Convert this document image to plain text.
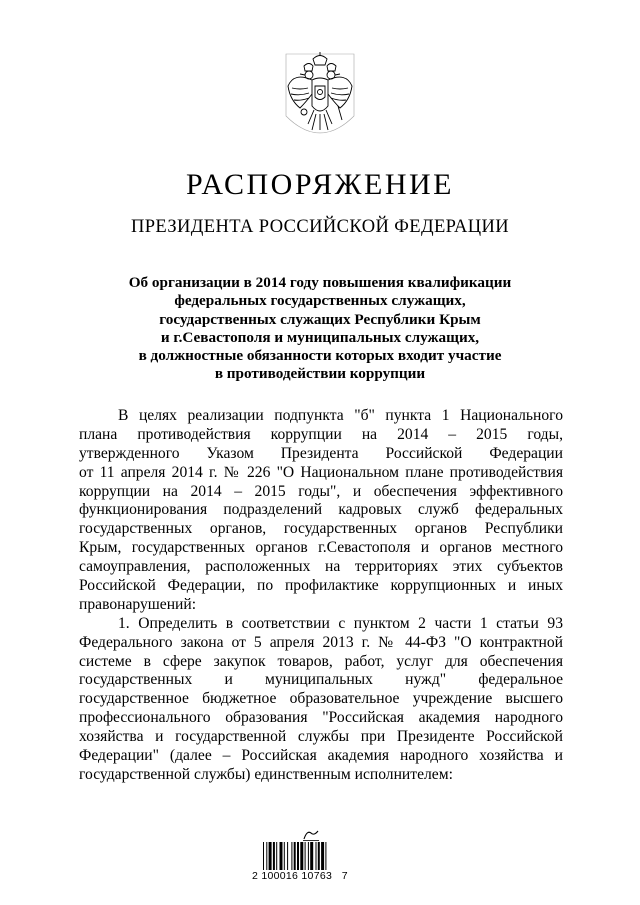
РАСПОРЯЖЕНИЕ
ПРЕЗИДЕНТА РОССИЙСКОЙ ФЕДЕРАЦИИ
Об организации в 2014 году повышения квалификации
федеральных государственных служащих,
государственных служащих Республики Крым
и г.Севастополя и муниципальных служащих,
в должностные обязанности которых входит участие
в противодействии коррупции
В целях реализации подпункта "б" пункта 1 Национального
плана противодействия коррупции на 2014 – 2015 годы,
утвержденного Указом Президента Российской Федерации
от 11 апреля 2014 г. № 226 "О Национальном плане противодействия
коррупции на 2014 – 2015 годы", и обеспечения эффективного
функционирования подразделений кадровых служб федеральных
государственных органов, государственных органов Республики
Крым, государственных органов г.Севастополя и органов местного
самоуправления, расположенных на территориях этих субъектов
Российской Федерации, по профилактике коррупционных и иных
правонарушений:
1. Определить в соответствии с пунктом 2 части 1 статьи 93
Федерального закона от 5 апреля 2013 г. № 44-ФЗ "О контрактной
системе в сфере закупок товаров, работ, услуг для обеспечения
государственных и муниципальных нужд" федеральное
государственное бюджетное образовательное учреждение высшего
профессионального образования "Российская академия народного
хозяйства и государственной службы при Президенте Российской
Федерации" (далее – Российская академия народного хозяйства и
государственной службы) единственным исполнителем:
2 100016 10763   7
